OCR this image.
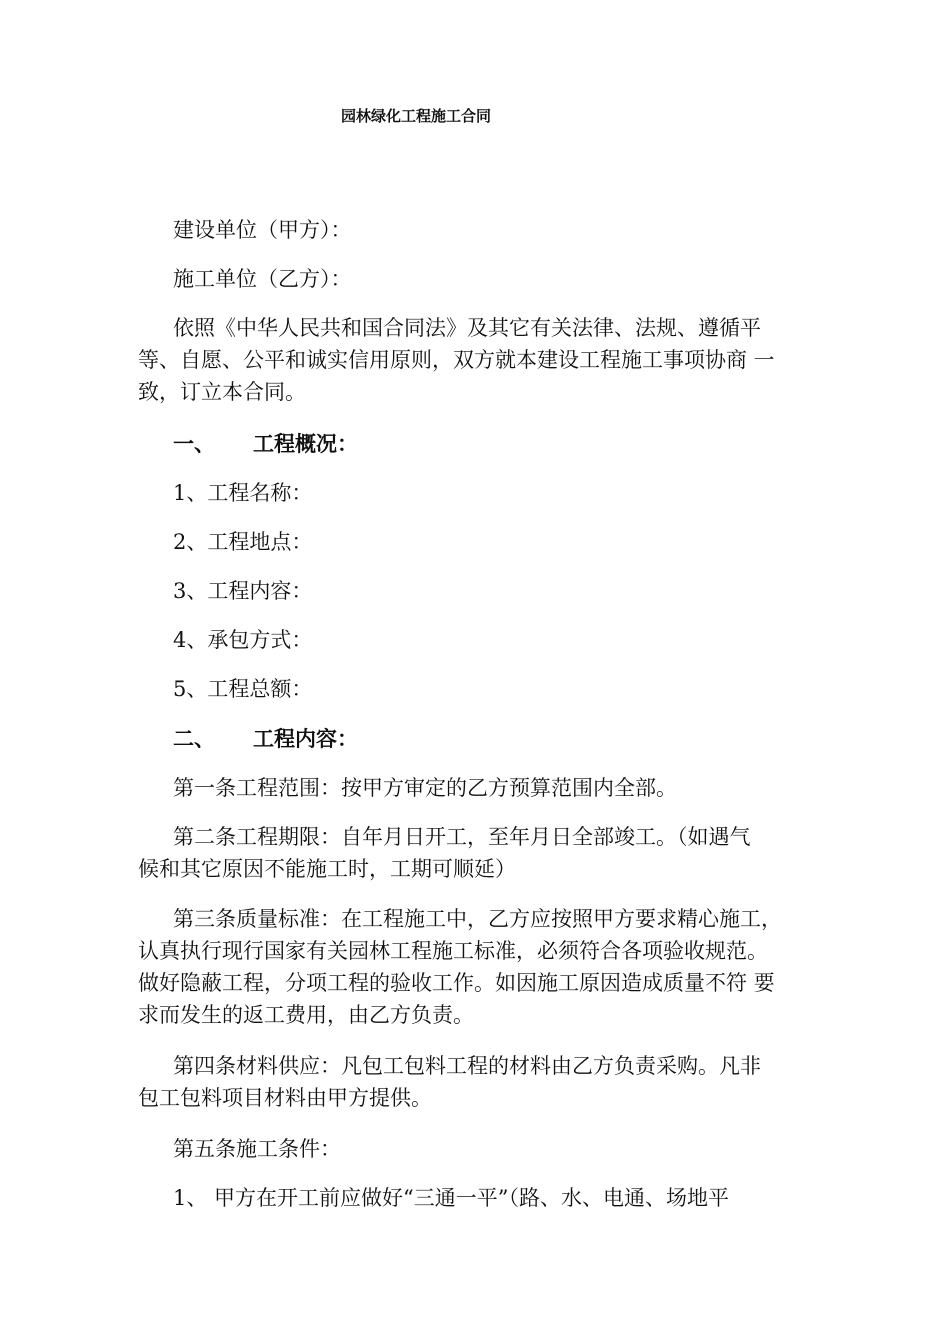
园林绿化工程施工合同
建设单位（甲方）：
施工单位（乙方）：
依照《中华人民共和国合同法》及其它有关法律、法规、遵循平
等、自愿、公平和诚实信用原则，双方就本建设工程施工事项协商 一
致，订立本合同。
一、 工程概况：
1、工程名称：
2、工程地点：
3、工程内容：
4、承包方式：
5、工程总额：
二、 工程内容：
第一条工程范围：按甲方审定的乙方预算范围内全部。
第二条工程期限：自年月日开工，至年月日全部竣工。（如遇气
候和其它原因不能施工时，工期可顺延）
第三条质量标准：在工程施工中，乙方应按照甲方要求精心施工，
认真执行现行国家有关园林工程施工标准，必须符合各项验收规范。
做好隐蔽工程，分项工程的验收工作。如因施工原因造成质量不符 要
求而发生的返工费用，由乙方负责。
第四条材料供应：凡包工包料工程的材料由乙方负责采购。凡非
包工包料项目材料由甲方提供。
第五条施工条件：
1、 甲方在开工前应做好“三通一平”（路、水、电通、场地平
